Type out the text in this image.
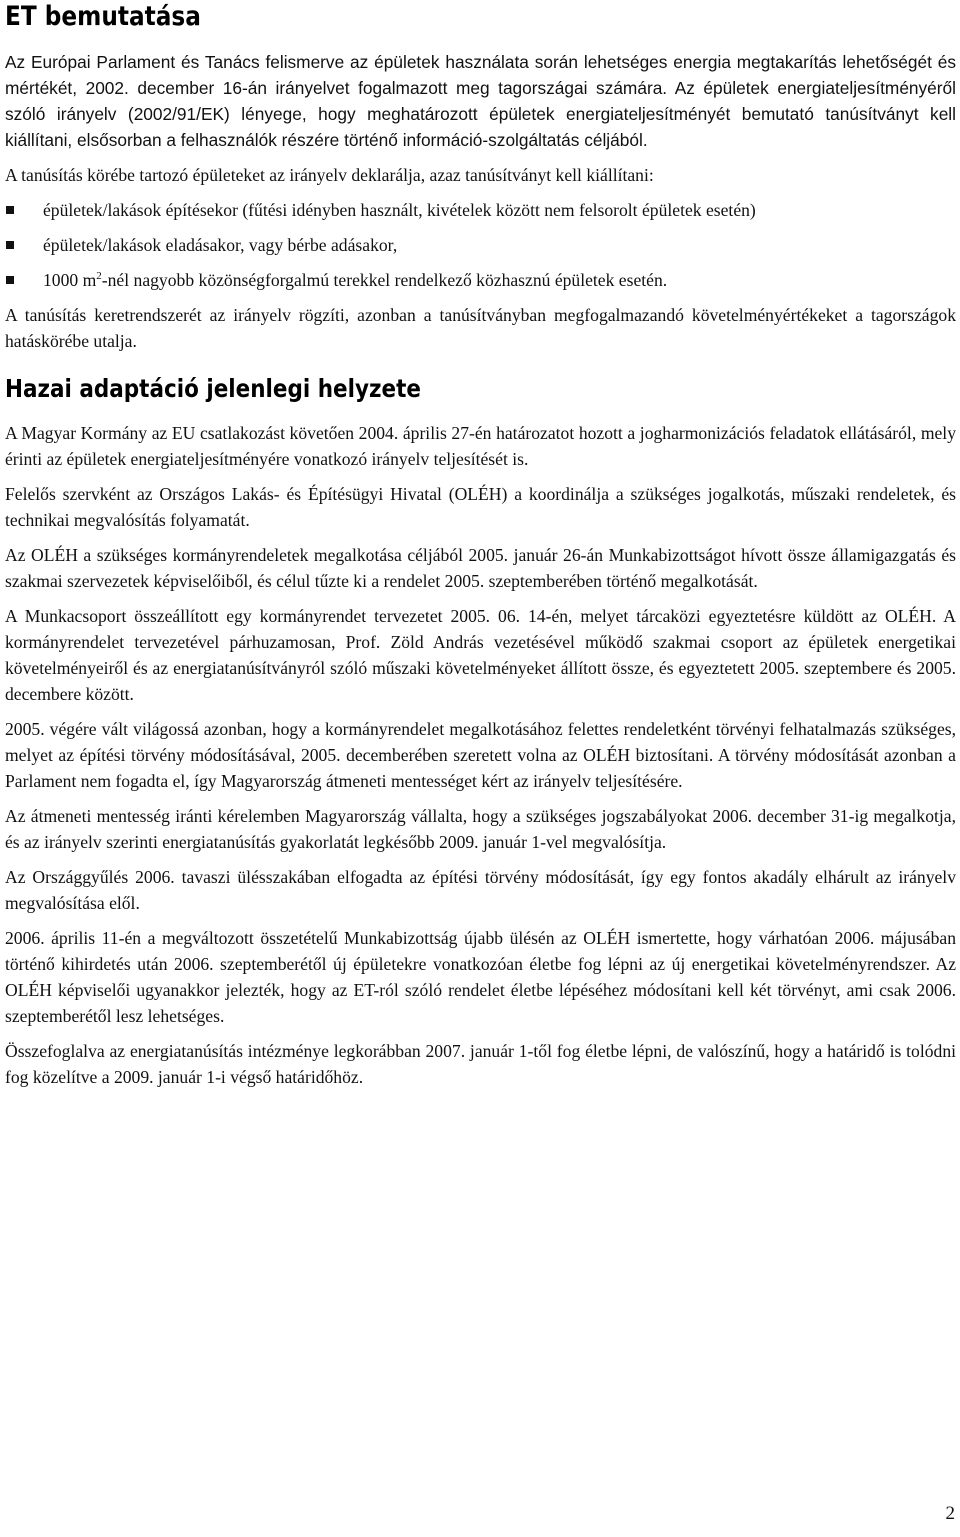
ET bemutatása

Az Európai Parlament és Tanács felismerve az épületek használata során lehetséges energia megtakarítás lehetőségét és mértékét, 2002. december 16-án irányelvet fogalmazott meg tagországai számára. Az épületek energiateljesítményéről szóló irányelv (2002/91/EK) lényege, hogy meghatározott épületek energiateljesítményét bemutató tanúsítványt kell kiállítani, elsősorban a felhasználók részére történő információ-szolgáltatás céljából.

A tanúsítás körébe tartozó épületeket az irányelv deklarálja, azaz tanúsítványt kell kiállítani:

épületek/lakások építésekor (fűtési idényben használt, kivételek között nem felsorolt épületek esetén)
épületek/lakások eladásakor, vagy bérbe adásakor,
1000 $m^2$-nél nagyobb közönségforgalmú terekkel rendelkező közhasznú épületek esetén.

A tanúsítás keretrendszerét az irányelv rögzíti, azonban a tanúsítványban megfogalmazandó követelményértékeket a tagországok hatáskörébe utalja.

Hazai adaptáció jelenlegi helyzete

A Magyar Kormány az EU csatlakozást követően 2004. április 27-én határozatot hozott a jogharmonizációs feladatok ellátásáról, mely érinti az épületek energiateljesítményére vonatkozó irányelv teljesítését is.

Felelős szervként az Országos Lakás- és Építésügyi Hivatal (OLÉH) a koordinálja a szükséges jogalkotás, műszaki rendeletek, és technikai megvalósítás folyamatát.

Az OLÉH a szükséges kormányrendeletek megalkotása céljából 2005. január 26-án Munkabizottságot hívott össze államigazgatás és szakmai szervezetek képviselőiből, és célul tűzte ki a rendelet 2005. szeptemberében történő megalkotását.

A Munkacsoport összeállított egy kormányrendet tervezetet 2005. 06. 14-én, melyet tárcaközi egyeztetésre küldött az OLÉH. A kormányrendelet tervezetével párhuzamosan, Prof. Zöld András vezetésével működő szakmai csoport az épületek energetikai követelményeiről és az energiatanúsítványról szóló műszaki követelményeket állított össze, és egyeztetett 2005. szeptembere és 2005. decembere között.

2005. végére vált világossá azonban, hogy a kormányrendelet megalkotásához felettes rendeletként törvényi felhatalmazás szükséges, melyet az építési törvény módosításával, 2005. decemberében szeretett volna az OLÉH biztosítani. A törvény módosítását azonban a Parlament nem fogadta el, így Magyarország átmeneti mentességet kért az irányelv teljesítésére.

Az átmeneti mentesség iránti kérelemben Magyarország vállalta, hogy a szükséges jogszabályokat 2006. december 31-ig megalkotja, és az irányelv szerinti energiatanúsítás gyakorlatát legkésőbb 2009. január 1-vel megvalósítja.

Az Országgyűlés 2006. tavaszi ülésszakában elfogadta az építési törvény módosítását, így egy fontos akadály elhárult az irányelv megvalósítása elől.

2006. április 11-én a megváltozott összetételű Munkabizottság újabb ülésén az OLÉH ismertette, hogy várhatóan 2006. májusában történő kihirdetés után 2006. szeptemberétől új épületekre vonatkozóan életbe fog lépni az új energetikai követelményrendszer. Az OLÉH képviselői ugyanakkor jelezték, hogy az ET-ról szóló rendelet életbe lépéséhez módosítani kell két törvényt, ami csak 2006. szeptemberétől lesz lehetséges.

Összefoglalva az energiatanúsítás intézménye legkorábban 2007. január 1-től fog életbe lépni, de valószínű, hogy a határidő is tolódni fog közelítve a 2009. január 1-i végső határidőhöz.

2
